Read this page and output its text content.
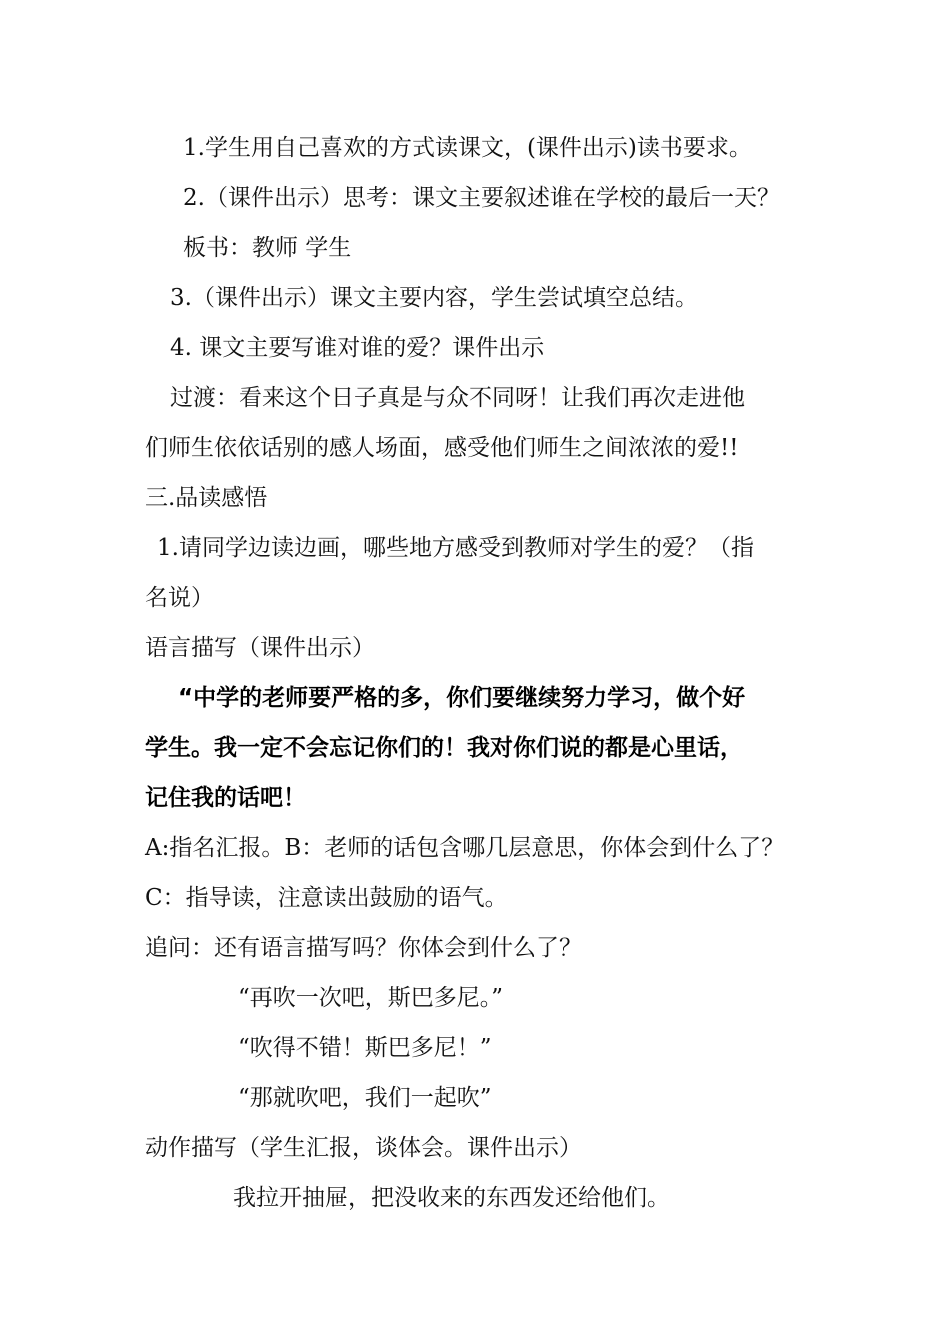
1.学生用自己喜欢的方式读课文，(课件出示)读书要求。
2.（课件出示）思考：课文主要叙述谁在学校的最后一天？
板书：教师 学生
3.（课件出示）课文主要内容，学生尝试填空总结。
4. 课文主要写谁对谁的爱？课件出示
过渡：看来这个日子真是与众不同呀！让我们再次走进他
们师生依依话别的感人场面，感受他们师生之间浓浓的爱!!
三.品读感悟
1.请同学边读边画，哪些地方感受到教师对学生的爱？（指
名说）
语言描写（课件出示）
“中学的老师要严格的多，你们要继续努力学习，做个好
学生。我一定不会忘记你们的！我对你们说的都是心里话，
记住我的话吧！
A:指名汇报。B：老师的话包含哪几层意思，你体会到什么了？
C：指导读，注意读出鼓励的语气。
追问：还有语言描写吗？你体会到什么了？
“再吹一次吧，斯巴多尼。”
“吹得不错！斯巴多尼！”
“那就吹吧，我们一起吹”
动作描写（学生汇报，谈体会。课件出示）
我拉开抽屉，把没收来的东西发还给他们。
